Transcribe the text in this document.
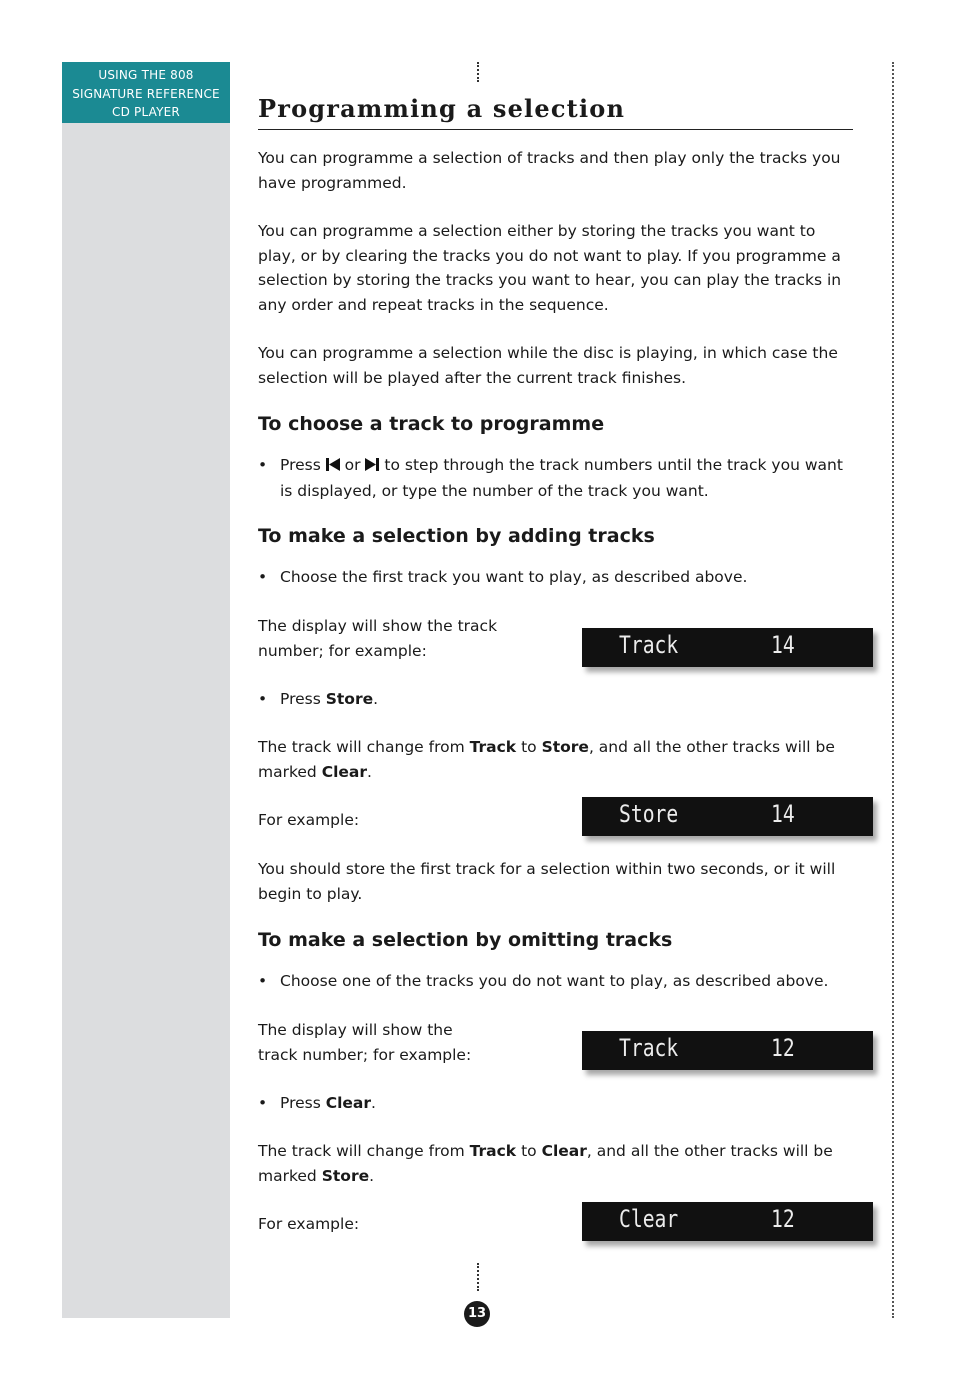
USING THE 808
SIGNATURE REFERENCE
CD PLAYER	Programming a selection

You can programme a selection of tracks and then play only the tracks you have programmed.

You can programme a selection either by storing the tracks you want to play, or by clearing the tracks you do not want to play. If you programme a selection by storing the tracks you want to hear, you can play the tracks in any order and repeat tracks in the sequence.

You can programme a selection while the disc is playing, in which case the selection will be played after the current track finishes.

To choose a track to programme
• Press or to step through the track numbers until the track you want is displayed, or type the number of the track you want.
To make a selection by adding tracks
• Choose the first track you want to play, as described above.

The display will show the track number; for example:	Track	14
• Press Store.

The track will change from Track to Store, and all the other tracks will be marked Clear.

For example:	Store	14

You should store the first track for a selection within two seconds, or it will begin to play.

To make a selection by omitting tracks
• Choose one of the tracks you do not want to play, as described above.

The display will show the
track number; for example:	Track	12
• Press Clear.

The track will change from Track to Clear, and all the other tracks will be marked Store.

For example:	Clear	12
13
